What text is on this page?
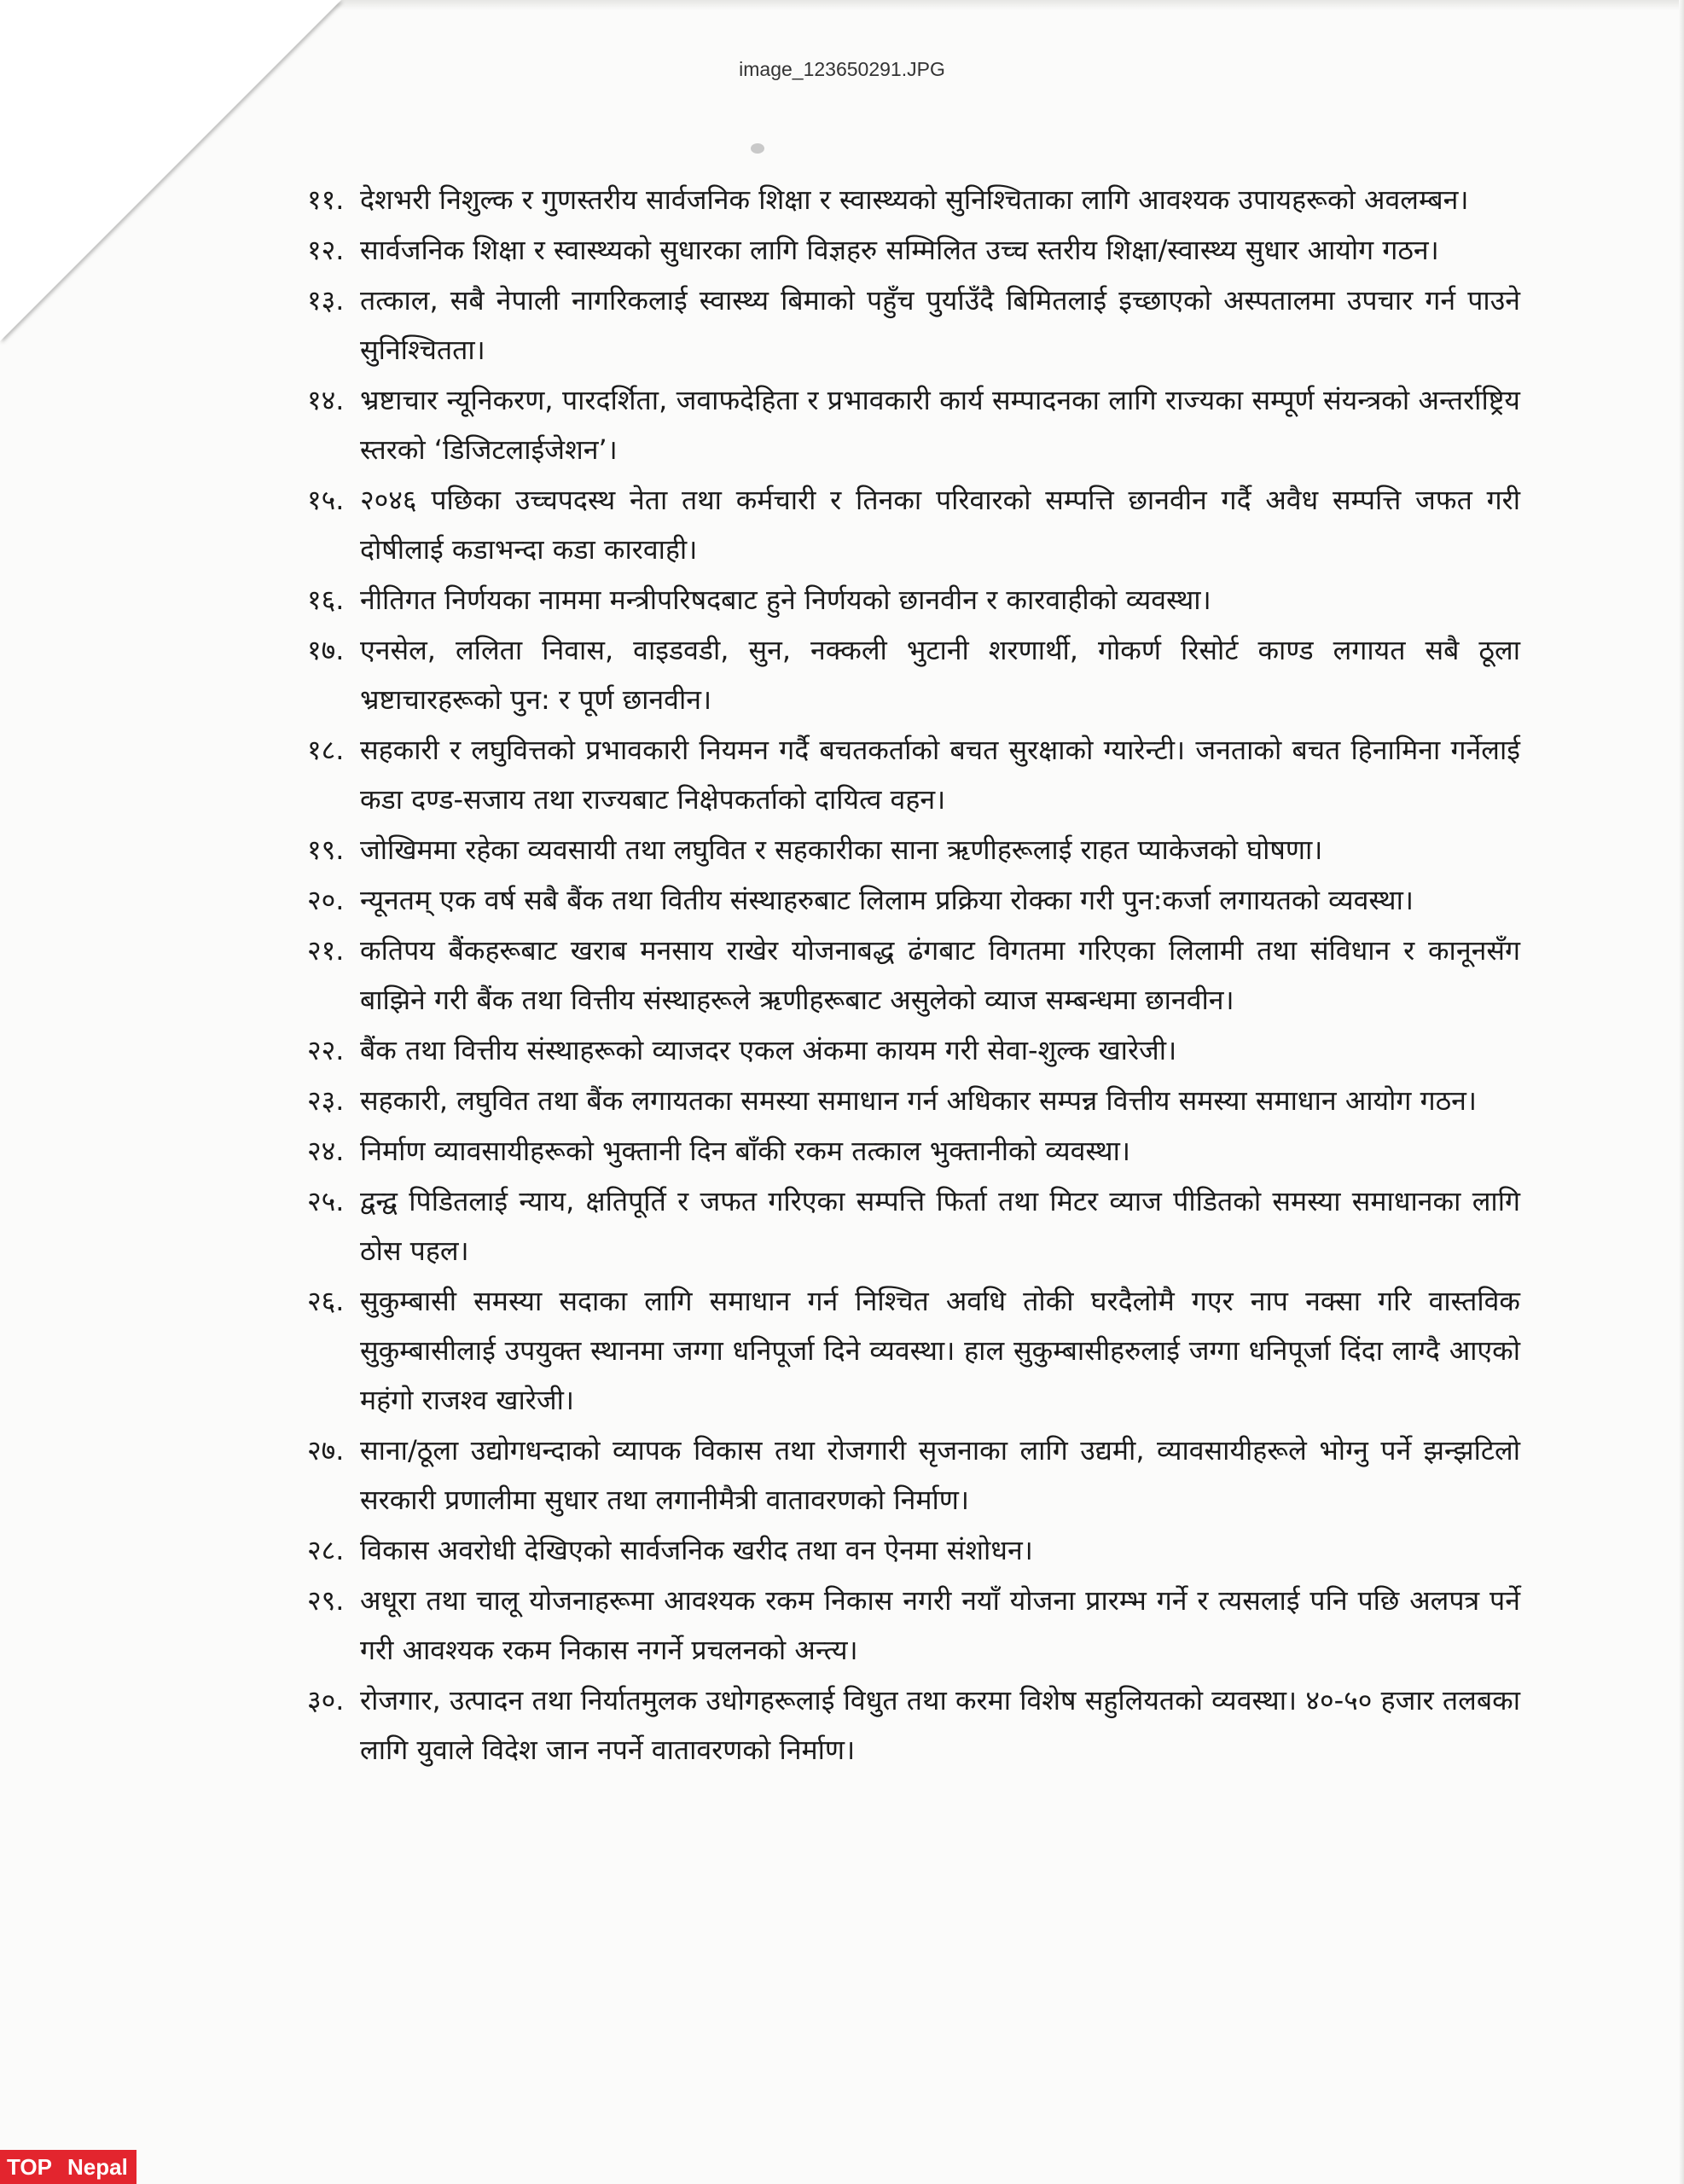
image_123650291.JPG
११. देशभरी निशुल्क र गुणस्तरीय सार्वजनिक शिक्षा र स्वास्थ्यको सुनिश्चिताका लागि आवश्यक उपायहरूको अवलम्बन।
१२. सार्वजनिक शिक्षा र स्वास्थ्यको सुधारका लागि विज्ञहरु सम्मिलित उच्च स्तरीय शिक्षा/स्वास्थ्य सुधार आयोग गठन।
१३. तत्काल, सबै नेपाली नागरिकलाई स्वास्थ्य बिमाको पहुँच पुर्याउँदै बिमितलाई इच्छाएको अस्पतालमा उपचार गर्न पाउने सुनिश्चितता।
१४. भ्रष्टाचार न्यूनिकरण, पारदर्शिता, जवाफदेहिता र प्रभावकारी कार्य सम्पादनका लागि राज्यका सम्पूर्ण संयन्त्रको अन्तर्राष्ट्रिय स्तरको ‘डिजिटलाईजेशन’।
१५. २०४६ पछिका उच्चपदस्थ नेता तथा कर्मचारी र तिनका परिवारको सम्पत्ति छानवीन गर्दै अवैध सम्पत्ति जफत गरी दोषीलाई कडाभन्दा कडा कारवाही।
१६. नीतिगत निर्णयका नाममा मन्त्रीपरिषदबाट हुने निर्णयको छानवीन र कारवाहीको व्यवस्था।
१७. एनसेल, ललिता निवास, वाइडवडी, सुन, नक्कली भुटानी शरणार्थी, गोकर्ण रिसोर्ट काण्ड लगायत सबै ठूला भ्रष्टाचारहरूको पुन: र पूर्ण छानवीन।
१८. सहकारी र लघुवित्तको प्रभावकारी नियमन गर्दै बचतकर्ताको बचत सुरक्षाको ग्यारेन्टी। जनताको बचत हिनामिना गर्नेलाई कडा दण्ड-सजाय तथा राज्यबाट निक्षेपकर्ताको दायित्व वहन।
१९. जोखिममा रहेका व्यवसायी तथा लघुवित र सहकारीका साना ऋणीहरूलाई राहत प्याकेजको घोषणा।
२०. न्यूनतम् एक वर्ष सबै बैंक तथा वितीय संस्थाहरुबाट लिलाम प्रक्रिया रोक्का गरी पुन:कर्जा लगायतको व्यवस्था।
२१. कतिपय बैंकहरूबाट खराब मनसाय राखेर योजनाबद्ध ढंगबाट विगतमा गरिएका लिलामी तथा संविधान र कानूनसँग बाझिने गरी बैंक तथा वित्तीय संस्थाहरूले ऋणीहरूबाट असुलेको व्याज सम्बन्धमा छानवीन।
२२. बैंक तथा वित्तीय संस्थाहरूको व्याजदर एकल अंकमा कायम गरी सेवा-शुल्क खारेजी।
२३. सहकारी, लघुवित तथा बैंक लगायतका समस्या समाधान गर्न अधिकार सम्पन्न वित्तीय समस्या समाधान आयोग गठन।
२४. निर्माण व्यावसायीहरूको भुक्तानी दिन बाँकी रकम तत्काल भुक्तानीको व्यवस्था।
२५. द्वन्द्व पिडितलाई न्याय, क्षतिपूर्ति र जफत गरिएका सम्पत्ति फिर्ता तथा मिटर व्याज पीडितको समस्या समाधानका लागि ठोस पहल।
२६. सुकुम्बासी समस्या सदाका लागि समाधान गर्न निश्चित अवधि तोकी घरदैलोमै गएर नाप नक्सा गरि वास्तविक सुकुम्बासीलाई उपयुक्त स्थानमा जग्गा धनिपूर्जा दिने व्यवस्था। हाल सुकुम्बासीहरुलाई जग्गा धनिपूर्जा दिंदा लाग्दै आएको महंगो राजश्व खारेजी।
२७. साना/ठूला उद्योगधन्दाको व्यापक विकास तथा रोजगारी सृजनाका लागि उद्यमी, व्यावसायीहरूले भोग्नु पर्ने झन्झटिलो सरकारी प्रणालीमा सुधार तथा लगानीमैत्री वातावरणको निर्माण।
२८. विकास अवरोधी देखिएको सार्वजनिक खरीद तथा वन ऐनमा संशोधन।
२९. अधूरा तथा चालू योजनाहरूमा आवश्यक रकम निकास नगरी नयाँ योजना प्रारम्भ गर्ने र त्यसलाई पनि पछि अलपत्र पर्ने गरी आवश्यक रकम निकास नगर्ने प्रचलनको अन्त्य।
३०. रोजगार, उत्पादन तथा निर्यातमुलक उधोगहरूलाई विधुत तथा करमा विशेष सहुलियतको व्यवस्था। ४०-५० हजार तलबका लागि युवाले विदेश जान नपर्ने वातावरणको निर्माण।
TOP Nepal
